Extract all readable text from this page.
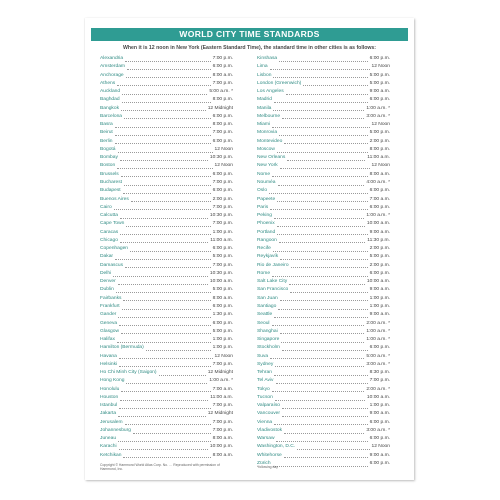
WORLD CITY TIME STANDARDS
When it is 12 noon in New York (Eastern Standard Time), the standard time in other cities is as follows:
Alexandria	7:00 p.m.
Amsterdam	6:00 p.m.
Anchorage	8:00 a.m.
Athens	7:00 p.m.
Auckland	5:00 a.m. *
Baghdad	8:00 p.m.
Bangkok	12 Midnight
Barcelona	6:00 p.m.
Basra	8:00 p.m.
Beirut	7:00 p.m.
Berlin	6:00 p.m.
Bogotá	12 Noon
Bombay	10:30 p.m.
Boston	12 Noon
Brussels	6:00 p.m.
Bucharest	7:00 p.m.
Budapest	6:00 p.m.
Buenos Aires	2:00 p.m.
Cairo	7:00 p.m.
Calcutta	10:30 p.m.
Cape Town	7:00 p.m.
Caracas	1:00 p.m.
Chicago	11:00 a.m.
Copenhagen	6:00 p.m.
Dakar	5:00 p.m.
Damascus	7:00 p.m.
Delhi	10:30 p.m.
Denver	10:00 a.m.
Dublin	5:00 p.m.
Fairbanks	8:00 a.m.
Frankfurt	6:00 p.m.
Gander	1:30 p.m.
Geneva	6:00 p.m.
Glasgow	5:00 p.m.
Halifax	1:00 p.m.
Hamilton (Bermuda)	1:00 p.m.
Havana	12 Noon
Helsinki	7:00 p.m.
Ho Chi Minh City (Saigon)	12 Midnight
Hong Kong	1:00 a.m. *
Honolulu	7:00 a.m.
Houston	11:00 a.m.
Istanbul	7:00 p.m.
Jakarta	12 Midnight
Jerusalem	7:00 p.m.
Johannesburg	7:00 p.m.
Juneau	8:00 a.m.
Karachi	10:00 p.m.
Ketchikan	8:00 a.m.
Kinshasa	6:00 p.m.
Lima	12 Noon
Lisbon	5:00 p.m.
London (Greenwich)	5:00 p.m.
Los Angeles	9:00 a.m.
Madrid	6:00 p.m.
Manila	1:00 a.m. *
Melbourne	3:00 a.m. *
Miami	12 Noon
Monrovia	5:00 p.m.
Montevideo	2:00 p.m.
Moscow	8:00 p.m.
New Orleans	11:00 a.m.
New York	12 Noon
Nome	8:00 a.m.
Nouméa	4:00 a.m. *
Oslo	6:00 p.m.
Papeete	7:00 a.m.
Paris	6:00 p.m.
Peking	1:00 a.m. *
Phoenix	10:00 a.m.
Portland	9:00 a.m.
Rangoon	11:30 p.m.
Recife	2:00 p.m.
Reykjavík	5:00 p.m.
Rio de Janeiro	2:00 p.m.
Rome	6:00 p.m.
Salt Lake City	10:00 a.m.
San Francisco	9:00 a.m.
San Juan	1:00 p.m.
Santiago	1:00 p.m.
Seattle	9:00 a.m.
Seoul	2:00 a.m. *
Shanghai	1:00 a.m. *
Singapore	1:00 a.m. *
Stockholm	6:00 p.m.
Suva	5:00 a.m. *
Sydney	3:00 a.m. *
Tehran	8:30 p.m.
Tel Aviv	7:00 p.m.
Tokyo	2:00 a.m. *
Tucson	10:00 a.m.
Valparaíso	1:00 p.m.
Vancouver	9:00 a.m.
Vienna	6:00 p.m.
Vladivostok	3:00 a.m. *
Warsaw	6:00 p.m.
Washington, D.C.	12 Noon
Whitehorse	9:00 a.m.
Zürich	6:00 p.m.
Copyright © Hammond World Atlas Corp. No. … Reproduced with permission of Hammond, Inc.
*following day
